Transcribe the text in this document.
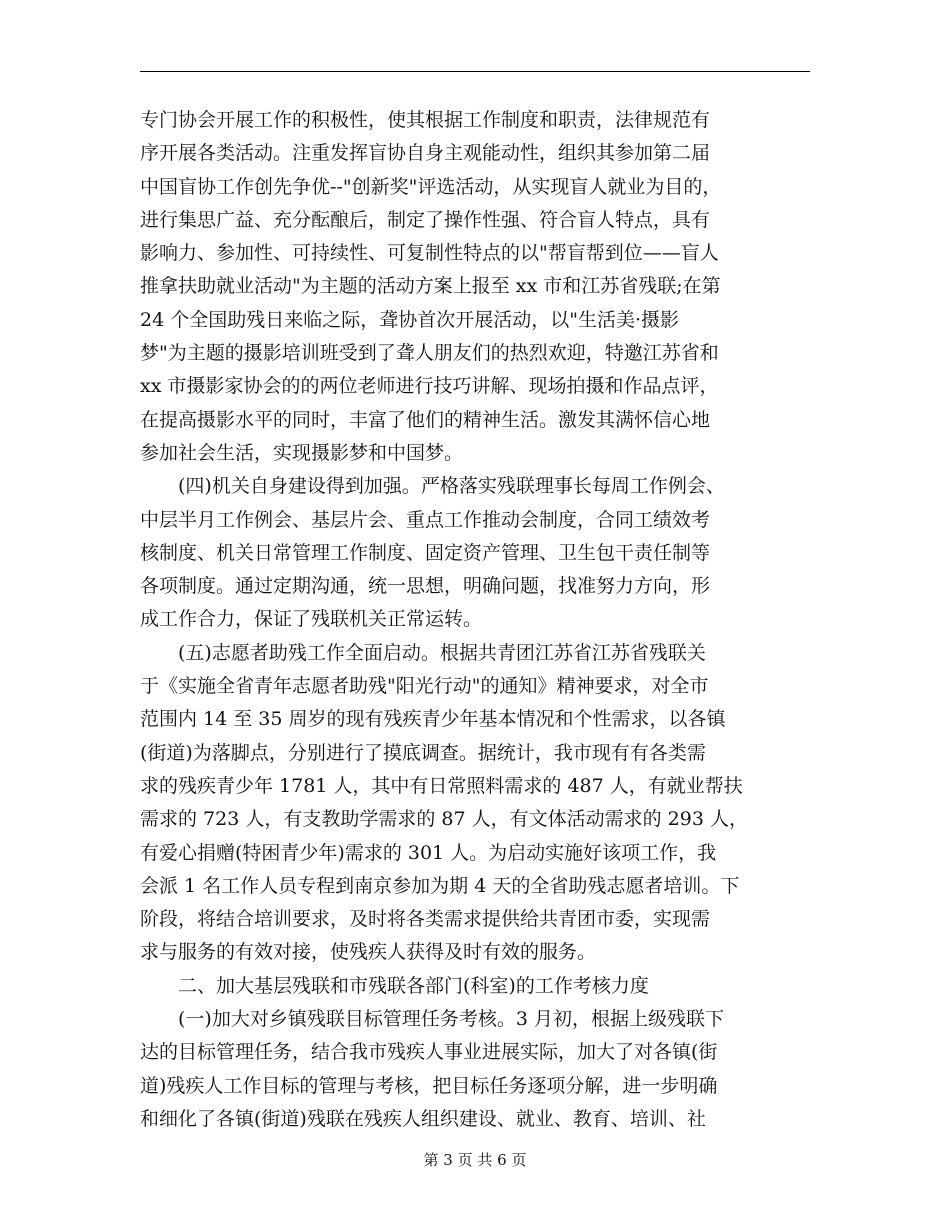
专门协会开展工作的积极性，使其根据工作制度和职责，法律规范有
序开展各类活动。注重发挥盲协自身主观能动性，组织其参加第二届
中国盲协工作创先争优--"创新奖"评选活动，从实现盲人就业为目的，
进行集思广益、充分酝酿后，制定了操作性强、符合盲人特点，具有
影响力、参加性、可持续性、可复制性特点的以"帮盲帮到位——盲人
推拿扶助就业活动"为主题的活动方案上报至 xx 市和江苏省残联;在第
24 个全国助残日来临之际，聋协首次开展活动，以"生活美·摄影
梦"为主题的摄影培训班受到了聋人朋友们的热烈欢迎，特邀江苏省和
xx 市摄影家协会的的两位老师进行技巧讲解、现场拍摄和作品点评，
在提高摄影水平的同时，丰富了他们的精神生活。激发其满怀信心地
参加社会生活，实现摄影梦和中国梦。
(四)机关自身建设得到加强。严格落实残联理事长每周工作例会、
中层半月工作例会、基层片会、重点工作推动会制度，合同工绩效考
核制度、机关日常管理工作制度、固定资产管理、卫生包干责任制等
各项制度。通过定期沟通，统一思想，明确问题，找准努力方向，形
成工作合力，保证了残联机关正常运转。
(五)志愿者助残工作全面启动。根据共青团江苏省江苏省残联关
于《实施全省青年志愿者助残"阳光行动"的通知》精神要求，对全市
范围内 14 至 35 周岁的现有残疾青少年基本情况和个性需求，以各镇
(街道)为落脚点，分别进行了摸底调查。据统计，我市现有有各类需
求的残疾青少年 1781 人，其中有日常照料需求的 487 人，有就业帮扶
需求的 723 人，有支教助学需求的 87 人，有文体活动需求的 293 人，
有爱心捐赠(特困青少年)需求的 301 人。为启动实施好该项工作，我
会派 1 名工作人员专程到南京参加为期 4 天的全省助残志愿者培训。下
阶段，将结合培训要求，及时将各类需求提供给共青团市委，实现需
求与服务的有效对接，使残疾人获得及时有效的服务。
二、加大基层残联和市残联各部门(科室)的工作考核力度
(一)加大对乡镇残联目标管理任务考核。3 月初，根据上级残联下
达的目标管理任务，结合我市残疾人事业进展实际，加大了对各镇(街
道)残疾人工作目标的管理与考核，把目标任务逐项分解，进一步明确
和细化了各镇(街道)残联在残疾人组织建设、就业、教育、培训、社
第 3 页 共 6 页
